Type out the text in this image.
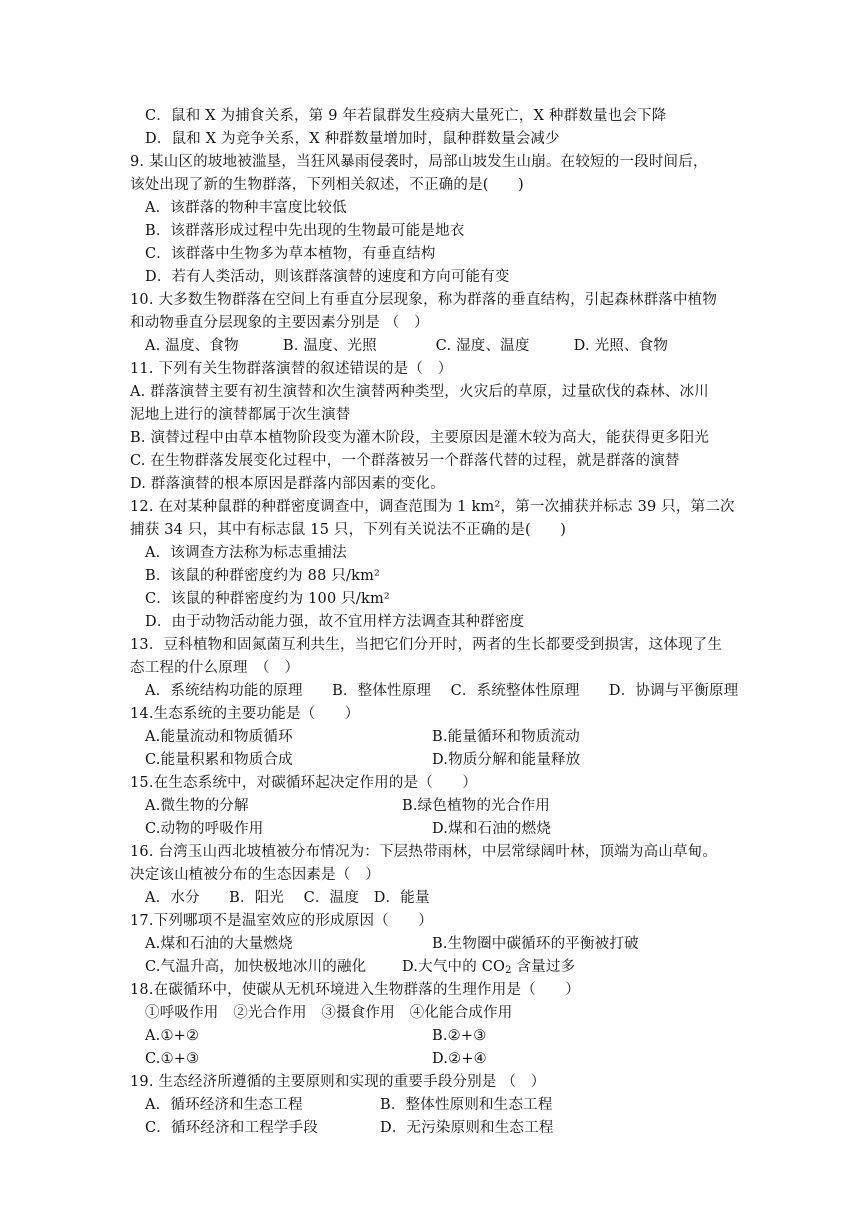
C．鼠和 X 为捕食关系，第 9 年若鼠群发生疫病大量死亡，X 种群数量也会下降
D．鼠和 X 为竞争关系，X 种群数量增加时，鼠种群数量会减少
9. 某山区的坡地被滥垦，当狂风暴雨侵袭时，局部山坡发生山崩。在较短的一段时间后，
该处出现了新的生物群落，下列相关叙述，不正确的是(　　)
A．该群落的物种丰富度比较低
B．该群落形成过程中先出现的生物最可能是地衣
C．该群落中生物多为草本植物，有垂直结构
D．若有人类活动，则该群落演替的速度和方向可能有变
10. 大多数生物群落在空间上有垂直分层现象，称为群落的垂直结构，引起森林群落中植物
和动物垂直分层现象的主要因素分别是 （　）
A. 温度、食物　　　B. 温度、光照　　　　C. 湿度、温度　　　D. 光照、食物
11. 下列有关生物群落演替的叙述错误的是（　）
A. 群落演替主要有初生演替和次生演替两种类型，火灾后的草原，过量砍伐的森林、冰川
泥地上进行的演替都属于次生演替
B. 演替过程中由草本植物阶段变为灌木阶段，主要原因是灌木较为高大，能获得更多阳光
C. 在生物群落发展变化过程中，一个群落被另一个群落代替的过程，就是群落的演替
D. 群落演替的根本原因是群落内部因素的变化。
12. 在对某种鼠群的种群密度调查中，调查范围为 1 km²，第一次捕获并标志 39 只，第二次
捕获 34 只，其中有标志鼠 15 只，下列有关说法不正确的是(　　)
A．该调查方法称为标志重捕法
B．该鼠的种群密度约为 88 只/km²
C．该鼠的种群密度约为 100 只/km²
D．由于动物活动能力强，故不宜用样方法调查其种群密度
13．豆科植物和固氮菌互利共生，当把它们分开时，两者的生长都要受到损害，这体现了生
态工程的什么原理　（　）
A．系统结构功能的原理　　B．整体性原理　 C．系统整体性原理　　D．协调与平衡原理
14.生态系统的主要功能是（　　）
A.能量流动和物质循环	B.能量循环和物质流动
C.能量积累和物质合成	D.物质分解和能量释放
15.在生态系统中，对碳循环起决定作用的是（　　）
A.微生物的分解	B.绿色植物的光合作用
C.动物的呼吸作用	D.煤和石油的燃烧
16. 台湾玉山西北坡植被分布情况为：下层热带雨林，中层常绿阔叶林，顶端为高山草甸。
决定该山植被分布的生态因素是（　）
A．水分　　B．阳光　 C．温度　D．能量
17.下列哪项不是温室效应的形成原因（　　）
A.煤和石油的大量燃烧	B.生物圈中碳循环的平衡被打破
C.气温升高，加快极地冰川的融化 D.大气中的 $CO_2$ 含量过多
18.在碳循环中，使碳从无机环境进入生物群落的生理作用是（　　）
①呼吸作用　②光合作用　③摄食作用　④化能合成作用
A.①+②	B.②+③
C.①+③	D.②+④
19. 生态经济所遵循的主要原则和实现的重要手段分别是 （　）
A．循环经济和生态工程	B．整体性原则和生态工程
C．循环经济和工程学手段	D．无污染原则和生态工程
